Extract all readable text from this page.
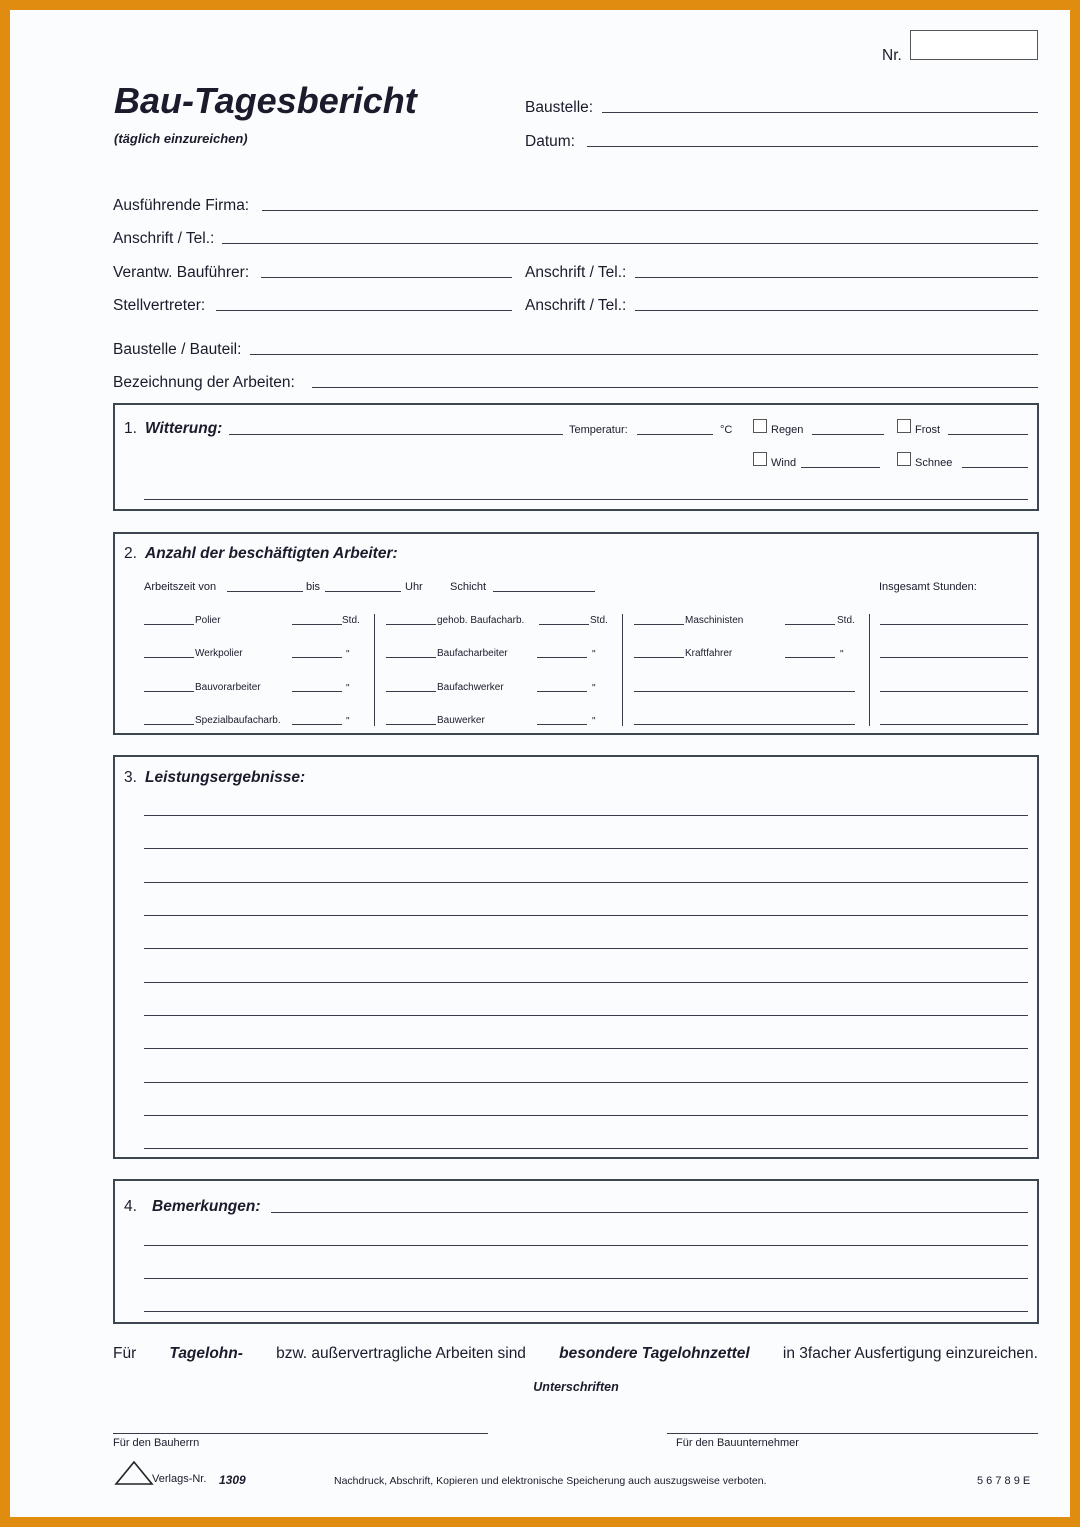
Nr.
Bau-Tagesbericht
(täglich einzureichen)
Baustelle:
Datum:
Ausführende Firma:
Anschrift / Tel.:
Verantw. Bauführer:	Anschrift / Tel.:
Stellvertreter:	Anschrift / Tel.:
Baustelle / Bauteil:
Bezeichnung der Arbeiten:
1. Witterung:	Temperatur:	°C	Regen	Frost
Wind	Schnee
2. Anzahl der beschäftigten Arbeiter:
Arbeitszeit von	bis	Uhr Schicht	Insgesamt Stunden:
Polier	Std.
Werkpolier	"
Bauvorarbeiter	"
Spezialbaufacharb.	"
gehob. Baufacharb.	Std.
Baufacharbeiter	"
Baufachwerker	"
Bauwerker	"
Maschinisten	Std.
Kraftfahrer	"
3. Leistungsergebnisse:
4. Bemerkungen:
Für Tagelohn- bzw. außervertragliche Arbeiten sind besondere Tagelohnzettel in 3facher Ausfertigung einzureichen.
Unterschriften
Für den Bauherrn	Für den Bauunternehmer
Verlags-Nr. 1309	Nachdruck, Abschrift, Kopieren und elektronische Speicherung auch auszugsweise verboten.	5 6 7 8 9 E
